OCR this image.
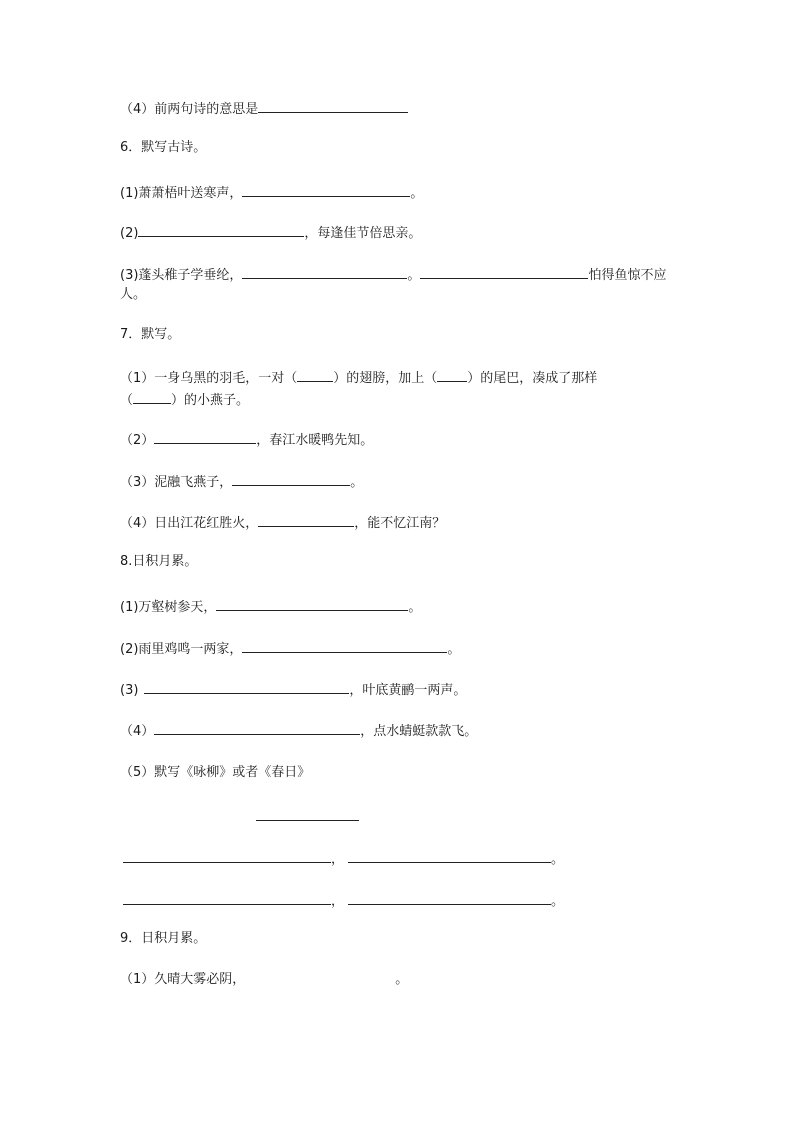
（4）前两句诗的意思是
6．默写古诗。
(1)萧萧梧叶送寒声，	。
(2)	，每逢佳节倍思亲。
(3)蓬头稚子学垂纶，	。	怕得鱼惊不应
人。
7．默写。
（1）一身乌黑的羽毛，一对（	）的翅膀，加上（ ）的尾巴，凑成了那样
（	）的小燕子。
（2）	，春江水暖鸭先知。
（3）泥融飞燕子，	。
（4）日出江花红胜火，	，能不忆江南？
8.日积月累。
(1)万壑树参天，	。
(2)雨里鸡鸣一两家，	。
(3)	，叶底黄鹂一两声。
（4）	，点水蜻蜓款款飞。
（5）默写《咏柳》或者《春日》
，	。
，	。
9．日积月累。
（1）久晴大雾必阴，	。
